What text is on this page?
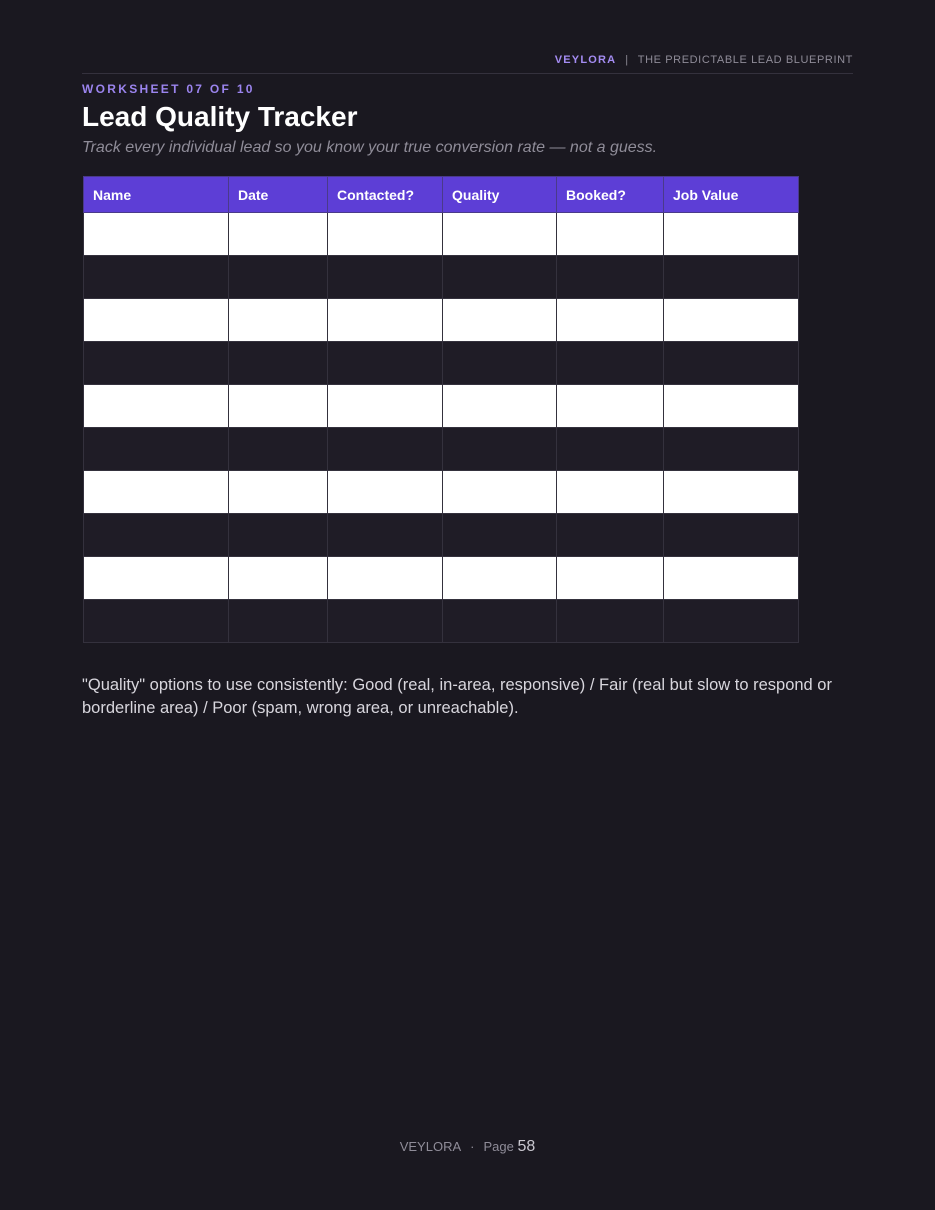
VEYLORA | THE PREDICTABLE LEAD BLUEPRINT
WORKSHEET 07 OF 10
Lead Quality Tracker
Track every individual lead so you know your true conversion rate — not a guess.
Name	Date	Contacted?	Quality	Booked?	Job Value

"Quality" options to use consistently: Good (real, in-area, responsive) / Fair (real but slow to respond or borderline area) / Poor (spam, wrong area, or unreachable).

VEYLORA · Page 58
